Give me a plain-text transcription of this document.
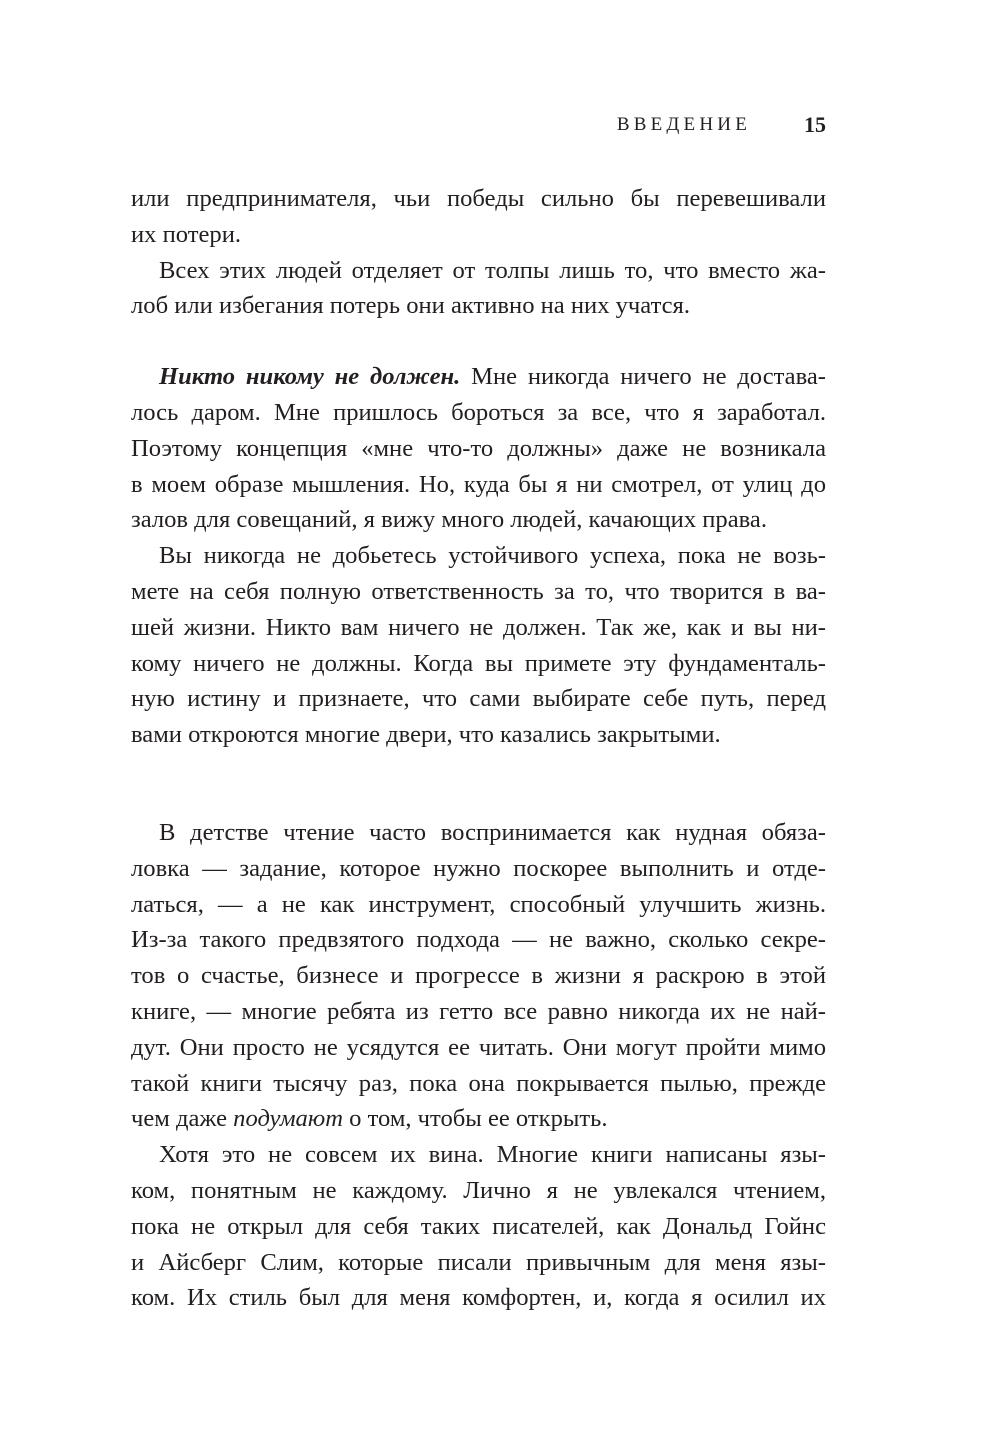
ВВЕДЕНИЕ 15
или предпринимателя, чьи победы сильно бы перевешивали
их потери.
Всех этих людей отделяет от толпы лишь то, что вместо жа-
лоб или избегания потерь они активно на них учатся.
Никто никому не должен. Мне никогда ничего не достава-
лось даром. Мне пришлось бороться за все, что я заработал.
Поэтому концепция «мне что-то должны» даже не возникала
в моем образе мышления. Но, куда бы я ни смотрел, от улиц до
залов для совещаний, я вижу много людей, качающих права.
Вы никогда не добьетесь устойчивого успеха, пока не возь-
мете на себя полную ответственность за то, что творится в ва-
шей жизни. Никто вам ничего не должен. Так же, как и вы ни-
кому ничего не должны. Когда вы примете эту фундаменталь-
ную истину и признаете, что сами выбирате себе путь, перед
вами откроются многие двери, что казались закрытыми.
В детстве чтение часто воспринимается как нудная обяза-
ловка — задание, которое нужно поскорее выполнить и отде-
латься, — а не как инструмент, способный улучшить жизнь.
Из-за такого предвзятого подхода — не важно, сколько секре-
тов о счастье, бизнесе и прогрессе в жизни я раскрою в этой
книге, — многие ребята из гетто все равно никогда их не най-
дут. Они просто не усядутся ее читать. Они могут пройти мимо
такой книги тысячу раз, пока она покрывается пылью, прежде
чем даже подумают о том, чтобы ее открыть.
Хотя это не совсем их вина. Многие книги написаны язы-
ком, понятным не каждому. Лично я не увлекался чтением,
пока не открыл для себя таких писателей, как Дональд Гойнс
и Айсберг Слим, которые писали привычным для меня язы-
ком. Их стиль был для меня комфортен, и, когда я осилил их
